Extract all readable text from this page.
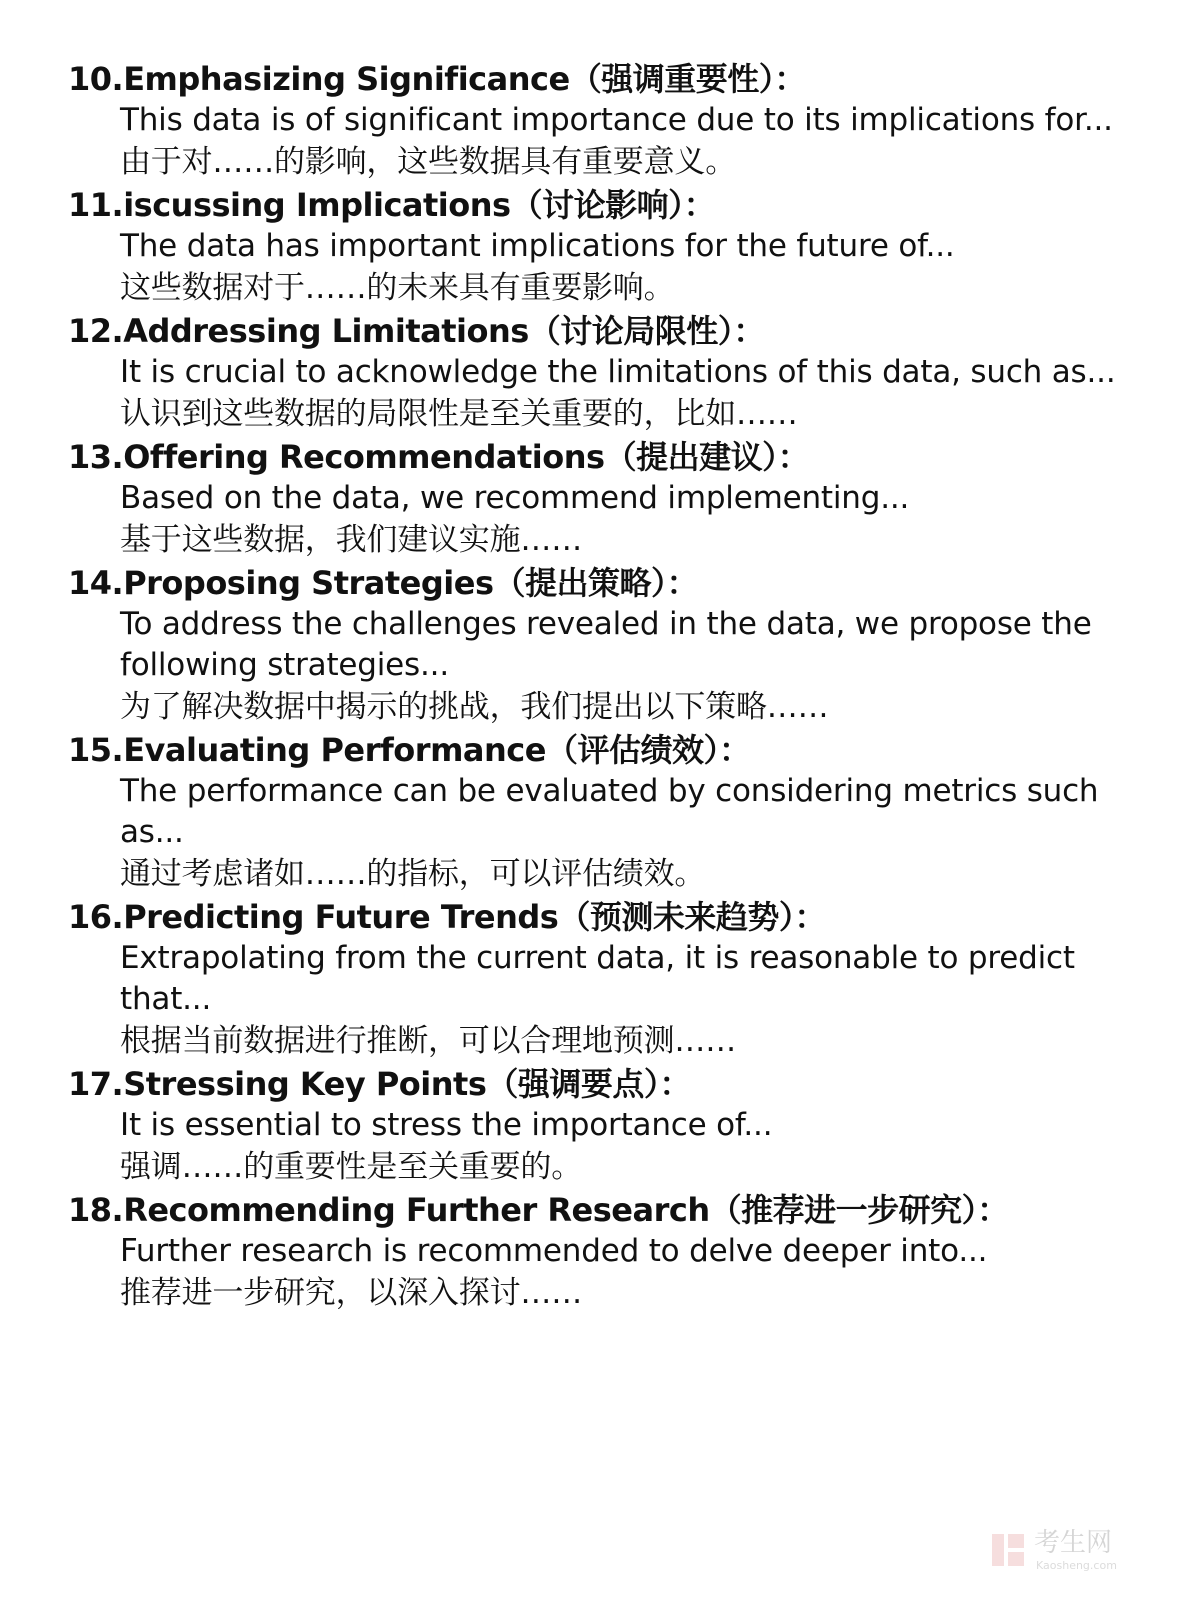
10.Emphasizing Significance（强调重要性）：
This data is of significant importance due to its implications for...
由于对……的影响，这些数据具有重要意义。
11.iscussing Implications（讨论影响）：
The data has important implications for the future of...
这些数据对于……的未来具有重要影响。
12.Addressing Limitations（讨论局限性）：
It is crucial to acknowledge the limitations of this data, such as...
认识到这些数据的局限性是至关重要的，比如……
13.Offering Recommendations（提出建议）：
Based on the data, we recommend implementing...
基于这些数据，我们建议实施……
14.Proposing Strategies（提出策略）：
To address the challenges revealed in the data, we propose the following strategies...
为了解决数据中揭示的挑战，我们提出以下策略……
15.Evaluating Performance（评估绩效）：
The performance can be evaluated by considering metrics such as...
通过考虑诸如……的指标，可以评估绩效。
16.Predicting Future Trends（预测未来趋势）：
Extrapolating from the current data, it is reasonable to predict that...
根据当前数据进行推断，可以合理地预测……
17.Stressing Key Points（强调要点）：
It is essential to stress the importance of...
强调……的重要性是至关重要的。
18.Recommending Further Research（推荐进一步研究）：
Further research is recommended to delve deeper into...
推荐进一步研究，以深入探讨……
考生网
Kaosheng.com
